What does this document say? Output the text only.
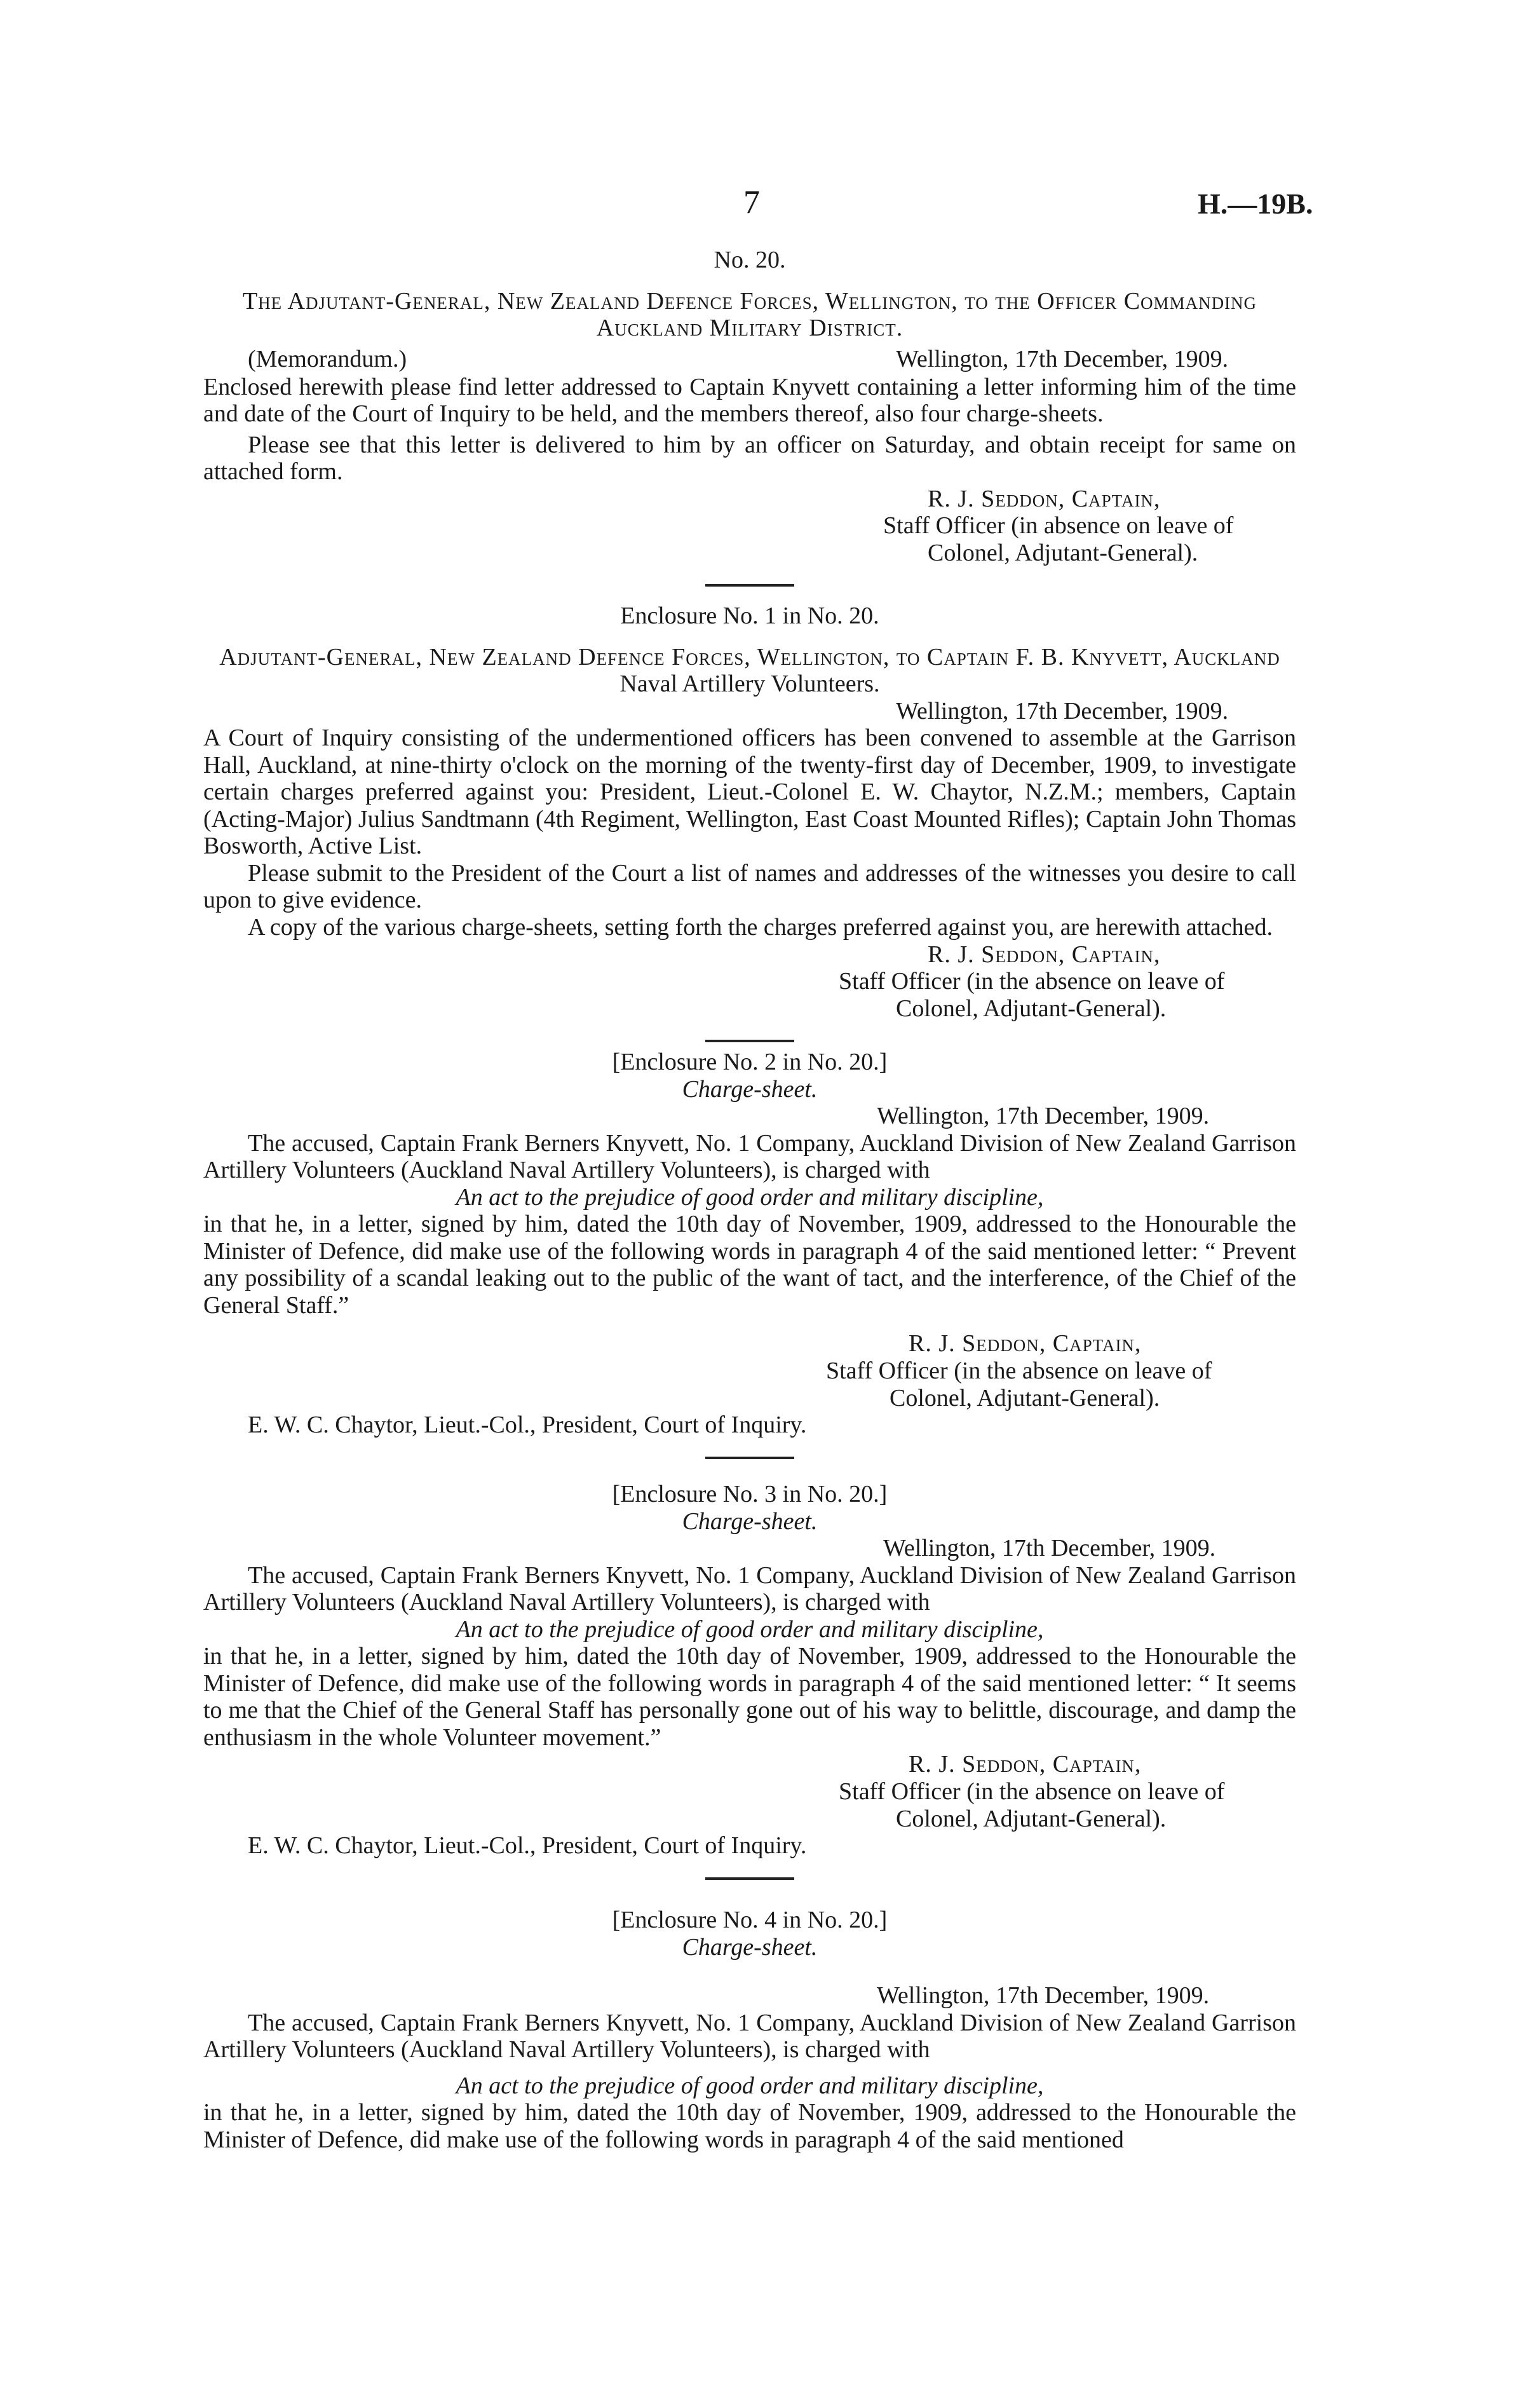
7	H.—19B.

No. 20.

The Adjutant-General, New Zealand Defence Forces, Wellington, to the Officer Commanding

Auckland Military District.

(Memorandum.)	Wellington, 17th December, 1909.

Enclosed herewith please find letter addressed to Captain Knyvett containing a letter informing him of the time and date of the Court of Inquiry to be held, and the members thereof, also four charge-sheets.

Please see that this letter is delivered to him by an officer on Saturday, and obtain receipt for same on attached form.

R. J. Seddon, Captain,

Staff Officer (in absence on leave of

Colonel, Adjutant-General).

Enclosure No. 1 in No. 20.

Adjutant-General, New Zealand Defence Forces, Wellington, to Captain F. B. Knyvett, Auckland

Naval Artillery Volunteers.

Wellington, 17th December, 1909.

A Court of Inquiry consisting of the undermentioned officers has been convened to assemble at the Garrison Hall, Auckland, at nine-thirty o'clock on the morning of the twenty-first day of December, 1909, to investigate certain charges preferred against you: President, Lieut.-Colonel E. W. Chaytor, N.Z.M.; members, Captain (Acting-Major) Julius Sandtmann (4th Regiment, Wellington, East Coast Mounted Rifles); Captain John Thomas Bosworth, Active List.

Please submit to the President of the Court a list of names and addresses of the witnesses you desire to call upon to give evidence.

A copy of the various charge-sheets, setting forth the charges preferred against you, are herewith attached.

R. J. Seddon, Captain,

Staff Officer (in the absence on leave of

Colonel, Adjutant-General).

[Enclosure No. 2 in No. 20.]

Charge-sheet.

Wellington, 17th December, 1909.

The accused, Captain Frank Berners Knyvett, No. 1 Company, Auckland Division of New Zealand Garrison Artillery Volunteers (Auckland Naval Artillery Volunteers), is charged with

An act to the prejudice of good order and military discipline,

in that he, in a letter, signed by him, dated the 10th day of November, 1909, addressed to the Honourable the Minister of Defence, did make use of the following words in paragraph 4 of the said mentioned letter: “ Prevent any possibility of a scandal leaking out to the public of the want of tact, and the interference, of the Chief of the General Staff.”

R. J. Seddon, Captain,

Staff Officer (in the absence on leave of

Colonel, Adjutant-General).

E. W. C. Chaytor, Lieut.-Col., President, Court of Inquiry.

[Enclosure No. 3 in No. 20.]

Charge-sheet.

Wellington, 17th December, 1909.

The accused, Captain Frank Berners Knyvett, No. 1 Company, Auckland Division of New Zealand Garrison Artillery Volunteers (Auckland Naval Artillery Volunteers), is charged with

An act to the prejudice of good order and military discipline,

in that he, in a letter, signed by him, dated the 10th day of November, 1909, addressed to the Honourable the Minister of Defence, did make use of the following words in paragraph 4 of the said mentioned letter: “ It seems to me that the Chief of the General Staff has personally gone out of his way to belittle, discourage, and damp the enthusiasm in the whole Volunteer movement.”

R. J. Seddon, Captain,

Staff Officer (in the absence on leave of

Colonel, Adjutant-General).

E. W. C. Chaytor, Lieut.-Col., President, Court of Inquiry.

[Enclosure No. 4 in No. 20.]

Charge-sheet.

Wellington, 17th December, 1909.

The accused, Captain Frank Berners Knyvett, No. 1 Company, Auckland Division of New Zealand Garrison Artillery Volunteers (Auckland Naval Artillery Volunteers), is charged with

An act to the prejudice of good order and military discipline,

in that he, in a letter, signed by him, dated the 10th day of November, 1909, addressed to the Honourable the Minister of Defence, did make use of the following words in paragraph 4 of the said mentioned
